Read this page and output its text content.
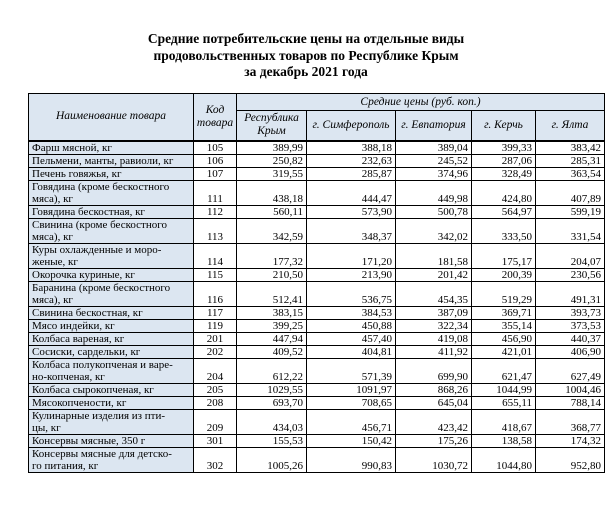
Средние потребительские цены на отдельные виды
продовольственных товаров по Республике Крым
за декабрь 2021 года
Наименование товара	Код товара	Средние цены (руб. коп.)				
		Республика Крым	г. Симферополь	г. Евпатория	г. Керчь	г. Ялта

Фарш мясной, кг	105	389,99	388,18	389,04	399,33	383,42

Пельмени, манты, равиоли, кг	106	250,82	232,63	245,52	287,06	285,31

Печень говяжья, кг	107	319,55	285,87	374,96	328,49	363,54

Говядина (кроме бескостного
мяса), кг	111	438,18	444,47	449,98	424,80	407,89

Говядина бескостная, кг	112	560,11	573,90	500,78	564,97	599,19

Свинина (кроме бескостного
мяса), кг	113	342,59	348,37	342,02	333,50	331,54

Куры охлажденные и моро-
женые, кг	114	177,32	171,20	181,58	175,17	204,07

Окорочка куриные, кг	115	210,50	213,90	201,42	200,39	230,56

Баранина (кроме бескостного
мяса), кг	116	512,41	536,75	454,35	519,29	491,31

Свинина бескостная, кг	117	383,15	384,53	387,09	369,71	393,73

Мясо индейки, кг	119	399,25	450,88	322,34	355,14	373,53

Колбаса вареная, кг	201	447,94	457,40	419,08	456,90	440,37

Сосиски, сардельки, кг	202	409,52	404,81	411,92	421,01	406,90

Колбаса полукопченая и варе-
но-копченая, кг	204	612,22	571,39	699,90	621,47	627,49

Колбаса сырокопченая, кг	205	1029,55	1091,97	868,26	1044,99	1004,46

Мясокопчености, кг	208	693,70	708,65	645,04	655,11	788,14

Кулинарные изделия из пти-
цы, кг	209	434,03	456,71	423,42	418,67	368,77

Консервы мясные, 350 г	301	155,53	150,42	175,26	138,58	174,32

Консервы мясные для детско-
го питания, кг	302	1005,26	990,83	1030,72	1044,80	952,80
